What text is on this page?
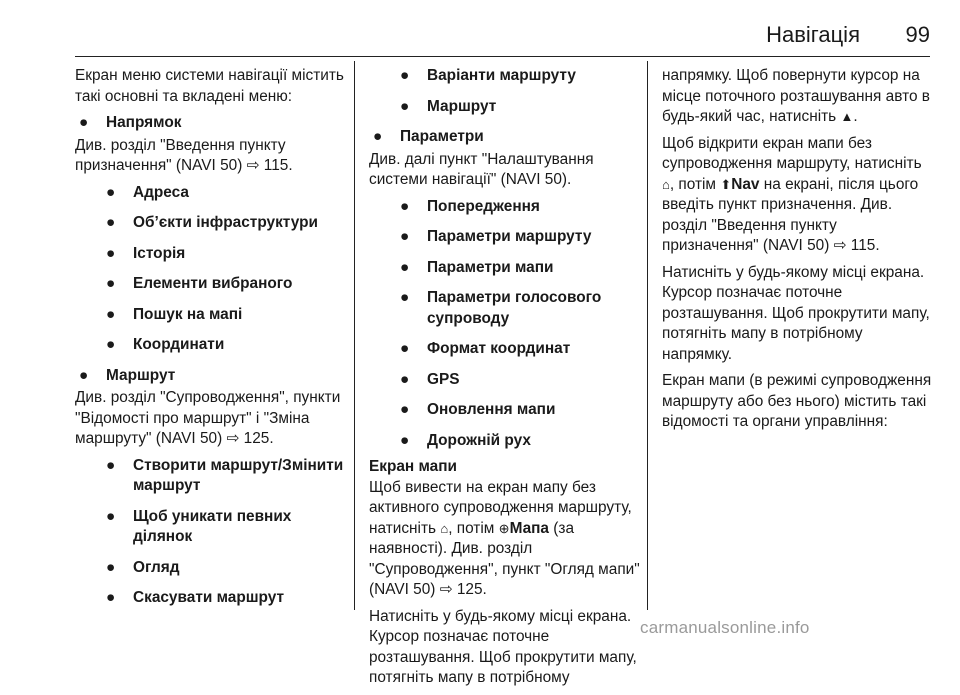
Навігація	99

Екран меню системи навігації містить такі основні та вкладені меню:

●	Напрямок

Див. розділ "Введення пункту призначення" (NAVI 50) ⇨ 115.

●	Адреса
●	Об’єкти інфраструктури
●	Історія
●	Елементи вибраного
●	Пошук на мапі
●	Координати
●	Маршрут

Див. розділ "Супроводження", пункти "Відомості про маршрут" і "Зміна маршруту" (NAVI 50) ⇨ 125.

●	Створити маршрут/Змінити маршрут
●	Щоб уникати певних ділянок
●	Огляд
●	Скасувати маршрут
●	Варіанти маршруту
●	Маршрут
●	Параметри

Див. далі пункт "Налаштування системи навігації" (NAVI 50).

●	Попередження
●	Параметри маршруту
●	Параметри мапи
●	Параметри голосового супроводу
●	Формат координат
●	GPS
●	Оновлення мапи
●	Дорожній рух

Екран мапи

Щоб вивести на екран мапу без активного супроводження маршруту, натисніть ⌂, потім ⊕Мапа (за наявності). Див. розділ "Супроводження", пункт "Огляд мапи" (NAVI 50) ⇨ 125.

Натисніть у будь-якому місці екрана. Курсор позначає поточне розташування. Щоб прокрутити мапу, потягніть мапу в потрібному

напрямку. Щоб повернути курсор на місце поточного розташування авто в будь-який час, натисніть ▲.

Щоб відкрити екран мапи без супроводження маршруту, натисніть ⌂, потім ⬆Nav на екрані, після цього введіть пункт призначення. Див. розділ "Введення пункту призначення" (NAVI 50) ⇨ 115.

Натисніть у будь-якому місці екрана. Курсор позначає поточне розташування. Щоб прокрутити мапу, потягніть мапу в потрібному напрямку.

Екран мапи (в режимі супроводження маршруту або без нього) містить такі відомості та органи управління:

carmanualsonline.info
